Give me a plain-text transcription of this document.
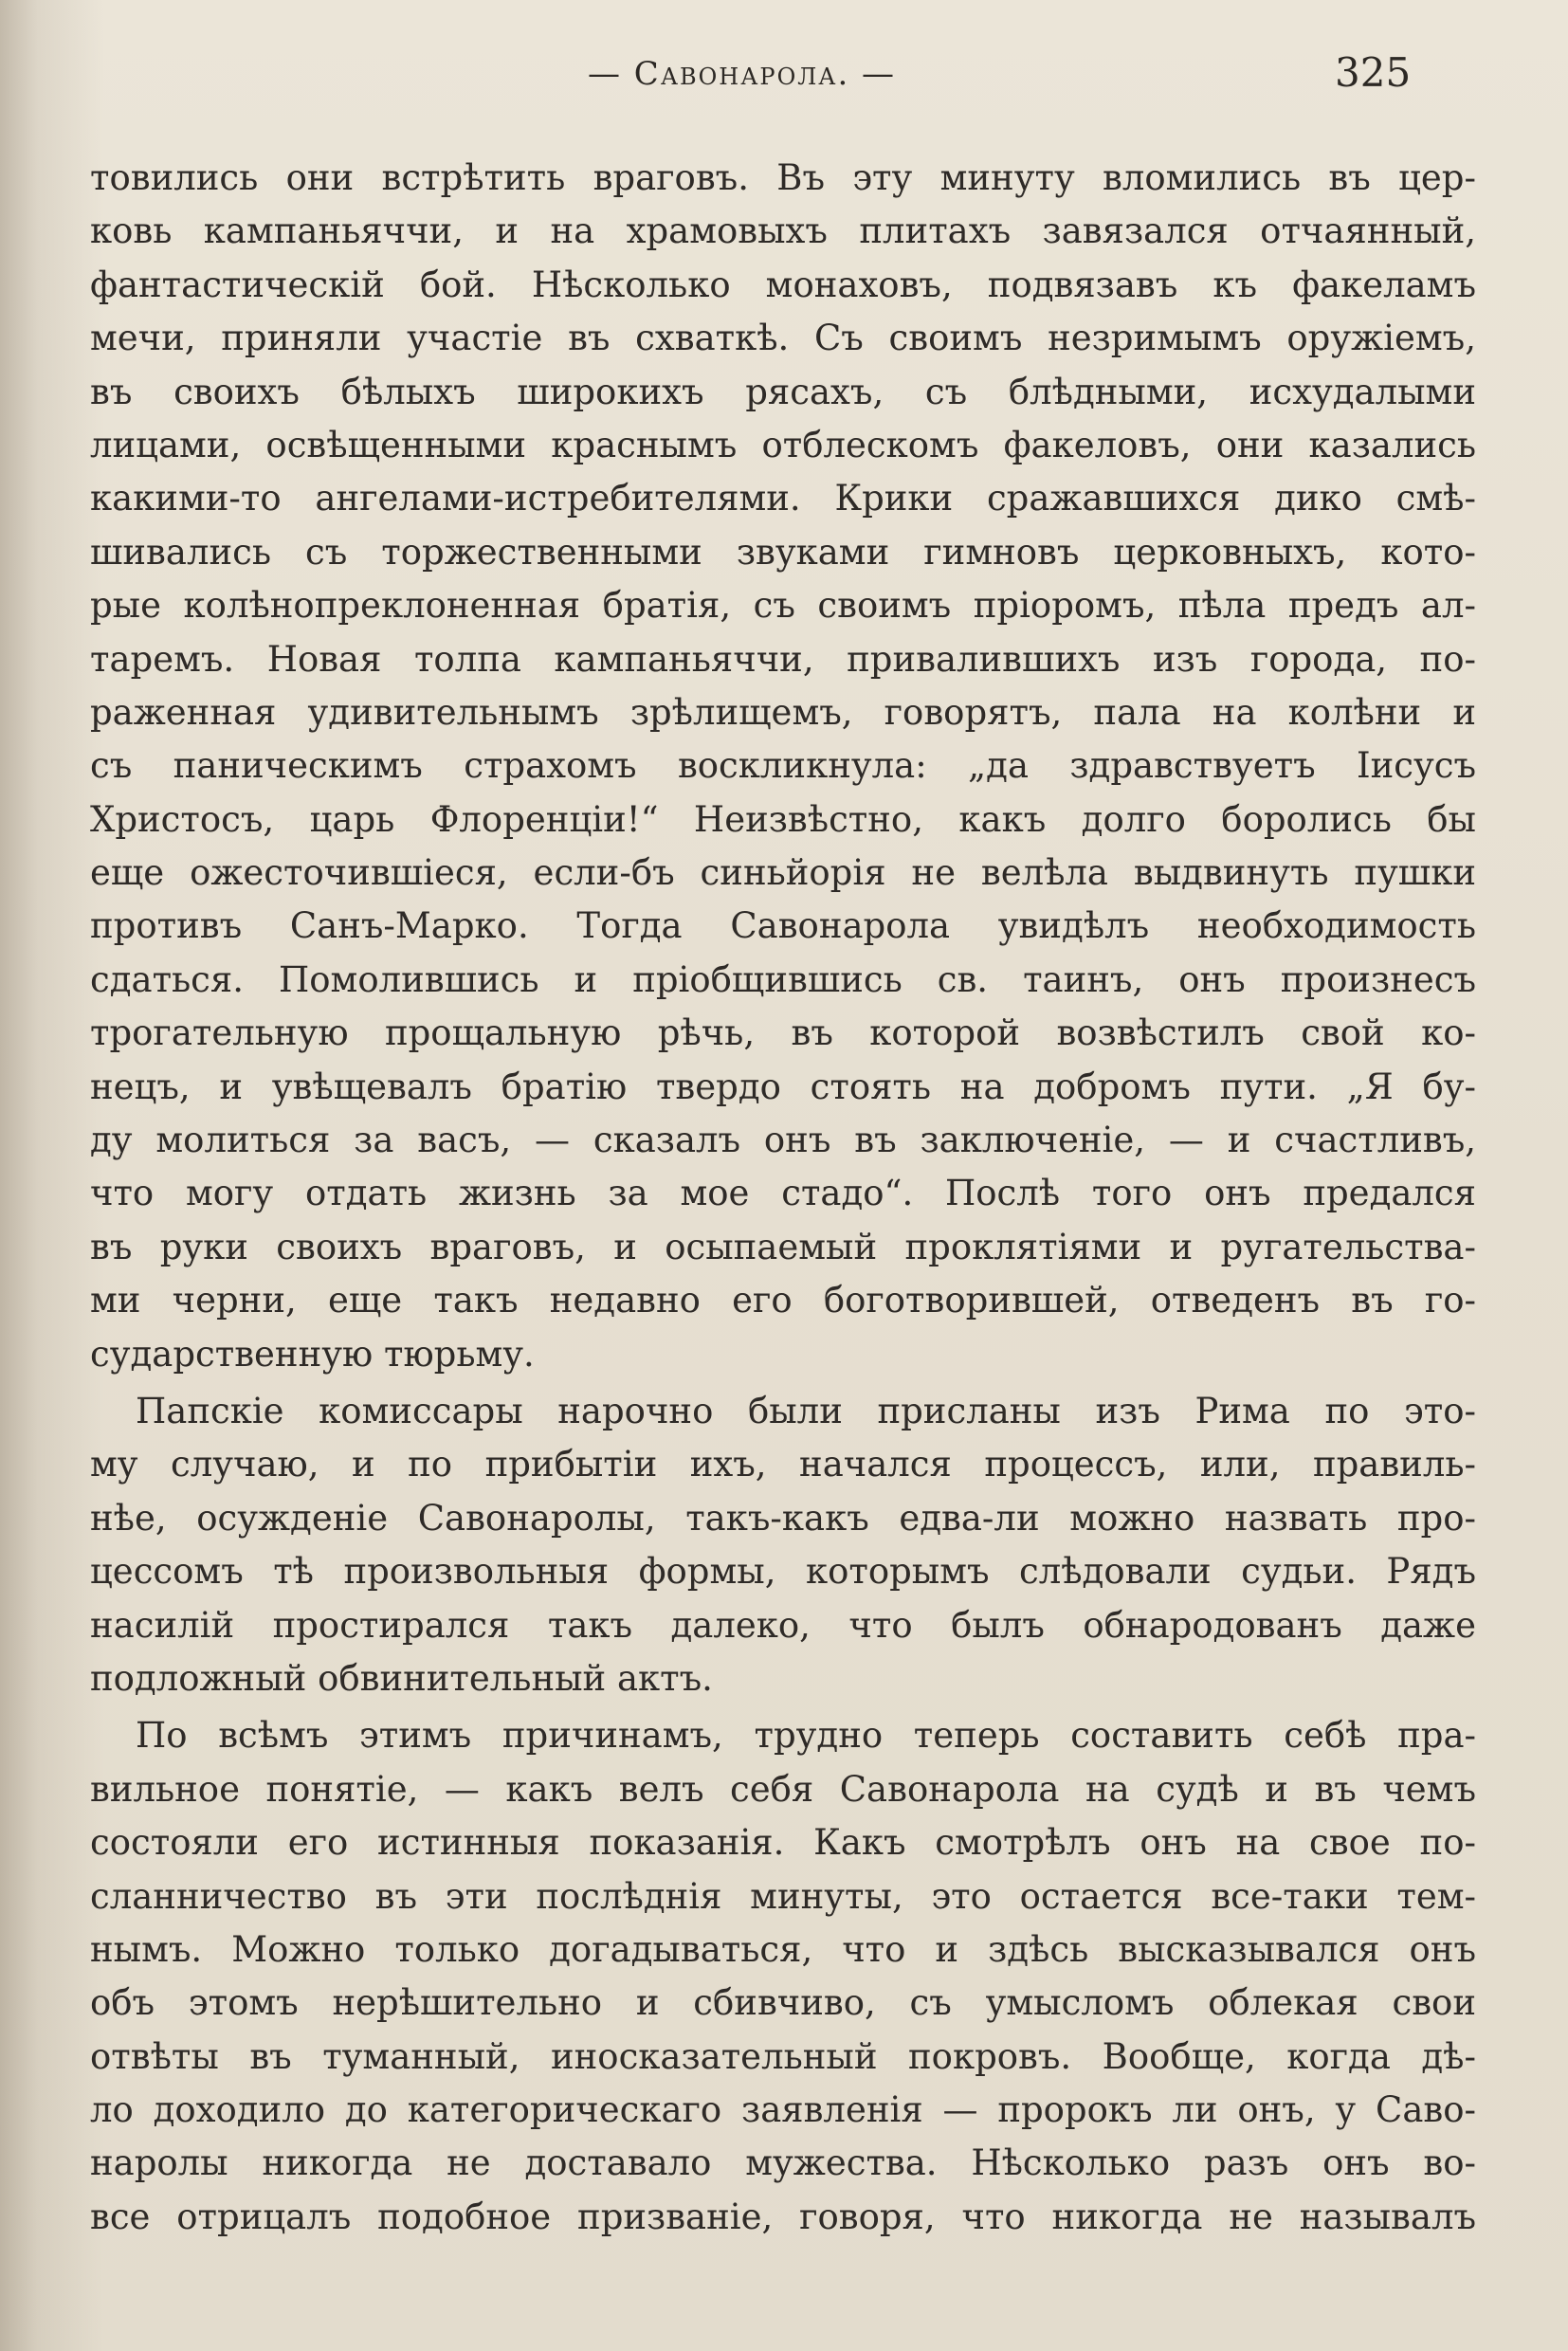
— Савонарола. —	325
товились они встрѣтить враговъ. Въ эту минуту вломились въ цер-
ковь кампаньяччи, и на храмовыхъ плитахъ завязался отчаянный,
фантастическiй бой. Нѣсколько монаховъ, подвязавъ къ факеламъ
мечи, приняли участiе въ схваткѣ. Съ своимъ незримымъ оружiемъ,
въ своихъ бѣлыхъ широкихъ рясахъ, съ блѣдными, исхудалыми
лицами, освѣщенными краснымъ отблескомъ факеловъ, они казались
какими-то ангелами-истребителями. Крики сражавшихся дико смѣ-
шивались съ торжественными звуками гимновъ церковныхъ, кото-
рые колѣнопреклоненная братiя, съ своимъ прiоромъ, пѣла предъ ал-
таремъ. Новая толпа кампаньяччи, привалившихъ изъ города, по-
раженная удивительнымъ зрѣлищемъ, говорятъ, пала на колѣни и
съ паническимъ страхомъ воскликнула: „да здравствуетъ Iисусъ
Христосъ, царь Флоренцiи!“ Неизвѣстно, какъ долго боролись бы
еще ожесточившiеся, если-бъ синьйорiя не велѣла выдвинуть пушки
противъ Санъ-Марко. Тогда Савонарола увидѣлъ необходимость
сдаться. Помолившись и прiобщившись св. таинъ, онъ произнесъ
трогательную прощальную рѣчь, въ которой возвѣстилъ свой ко-
нецъ, и увѣщевалъ братiю твердо стоять на добромъ пути. „Я бу-
ду молиться за васъ, — сказалъ онъ въ заключенiе, — и счастливъ,
что могу отдать жизнь за мое стадо“. Послѣ того онъ предался
въ руки своихъ враговъ, и осыпаемый проклятiями и ругательства-
ми черни, еще такъ недавно его боготворившей, отведенъ въ го-
сударственную тюрьму.
Папскiе комиссары нарочно были присланы изъ Рима по это-
му случаю, и по прибытiи ихъ, начался процессъ, или, правиль-
нѣе, осужденiе Савонаролы, такъ-какъ едва-ли можно назвать про-
цессомъ тѣ произвольныя формы, которымъ слѣдовали судьи. Рядъ
насилiй простирался такъ далеко, что былъ обнародованъ даже
подложный обвинительный актъ.
По всѣмъ этимъ причинамъ, трудно теперь составить себѣ пра-
вильное понятiе, — какъ велъ себя Савонарола на судѣ и въ чемъ
состояли его истинныя показанiя. Какъ смотрѣлъ онъ на свое по-
сланничество въ эти послѣднiя минуты, это остается все-таки тем-
нымъ. Можно только догадываться, что и здѣсь высказывался онъ
объ этомъ нерѣшительно и сбивчиво, съ умысломъ облекая свои
отвѣты въ туманный, иносказательный покровъ. Вообще, когда дѣ-
ло доходило до категорическаго заявленiя — пророкъ ли онъ, у Саво-
наролы никогда не доставало мужества. Нѣсколько разъ онъ во-
все отрицалъ подобное призванiе, говоря, что никогда не называлъ
